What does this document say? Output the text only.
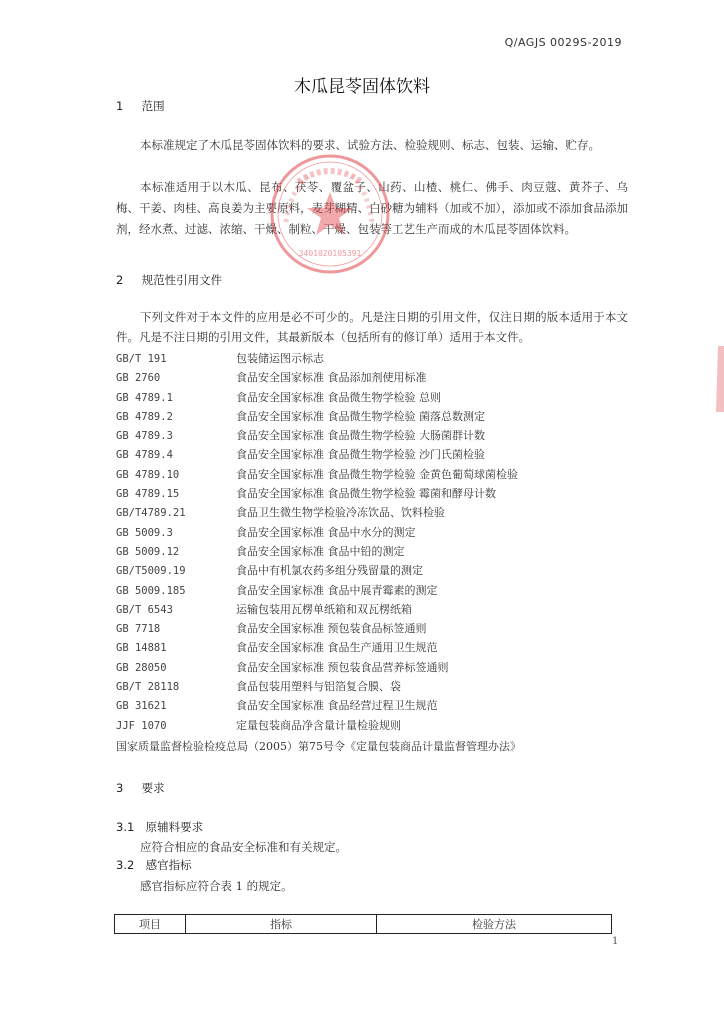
Q/AGJS 0029S-2019
木瓜昆苓固体饮料
1 范围
本标准规定了木瓜昆苓固体饮料的要求、试验方法、检验规则、标志、包装、运输、贮存。
本标准适用于以木瓜、昆布、茯苓、覆盆子、山药、山楂、桃仁、佛手、肉豆蔻、黄芥子、乌梅、干姜、肉桂、高良姜为主要原料，麦芽糊精、白砂糖为辅料（加或不加），添加或不添加食品添加剂，经水煮、过滤、浓缩、干燥、制粒、干燥、包装等工艺生产而成的木瓜昆苓固体饮料。
3401020105391
2 规范性引用文件
下列文件对于本文件的应用是必不可少的。凡是注日期的引用文件，仅注日期的版本适用于本文件。凡是不注日期的引用文件，其最新版本（包括所有的修订单）适用于本文件。
GB/T 191	包装储运图示标志
GB 2760	食品安全国家标准 食品添加剂使用标准
GB 4789.1	食品安全国家标准 食品微生物学检验 总则
GB 4789.2	食品安全国家标准 食品微生物学检验 菌落总数测定
GB 4789.3	食品安全国家标准 食品微生物学检验 大肠菌群计数
GB 4789.4	食品安全国家标准 食品微生物学检验 沙门氏菌检验
GB 4789.10	食品安全国家标准 食品微生物学检验 金黄色葡萄球菌检验
GB 4789.15	食品安全国家标准 食品微生物学检验 霉菌和酵母计数
GB/T4789.21	食品卫生微生物学检验冷冻饮品、饮料检验
GB 5009.3	食品安全国家标准 食品中水分的测定
GB 5009.12	食品安全国家标准 食品中铅的测定
GB/T5009.19	食品中有机氯农药多组分残留量的测定
GB 5009.185	食品安全国家标准 食品中展青霉素的测定
GB/T 6543	运输包装用瓦楞单纸箱和双瓦楞纸箱
GB 7718	食品安全国家标准 预包装食品标签通则
GB 14881	食品安全国家标准 食品生产通用卫生规范
GB 28050	食品安全国家标准 预包装食品营养标签通则
GB/T 28118	食品包装用塑料与铝箔复合膜、袋
GB 31621	食品安全国家标准 食品经营过程卫生规范
JJF 1070	定量包装商品净含量计量检验规则
国家质量监督检验检疫总局（2005）第75号令《定量包装商品计量监督管理办法》
3 要求
3.1 原辅料要求
应符合相应的食品安全标准和有关规定。
3.2 感官指标
感官指标应符合表 1 的规定。
项目	指标	检验方法
1
